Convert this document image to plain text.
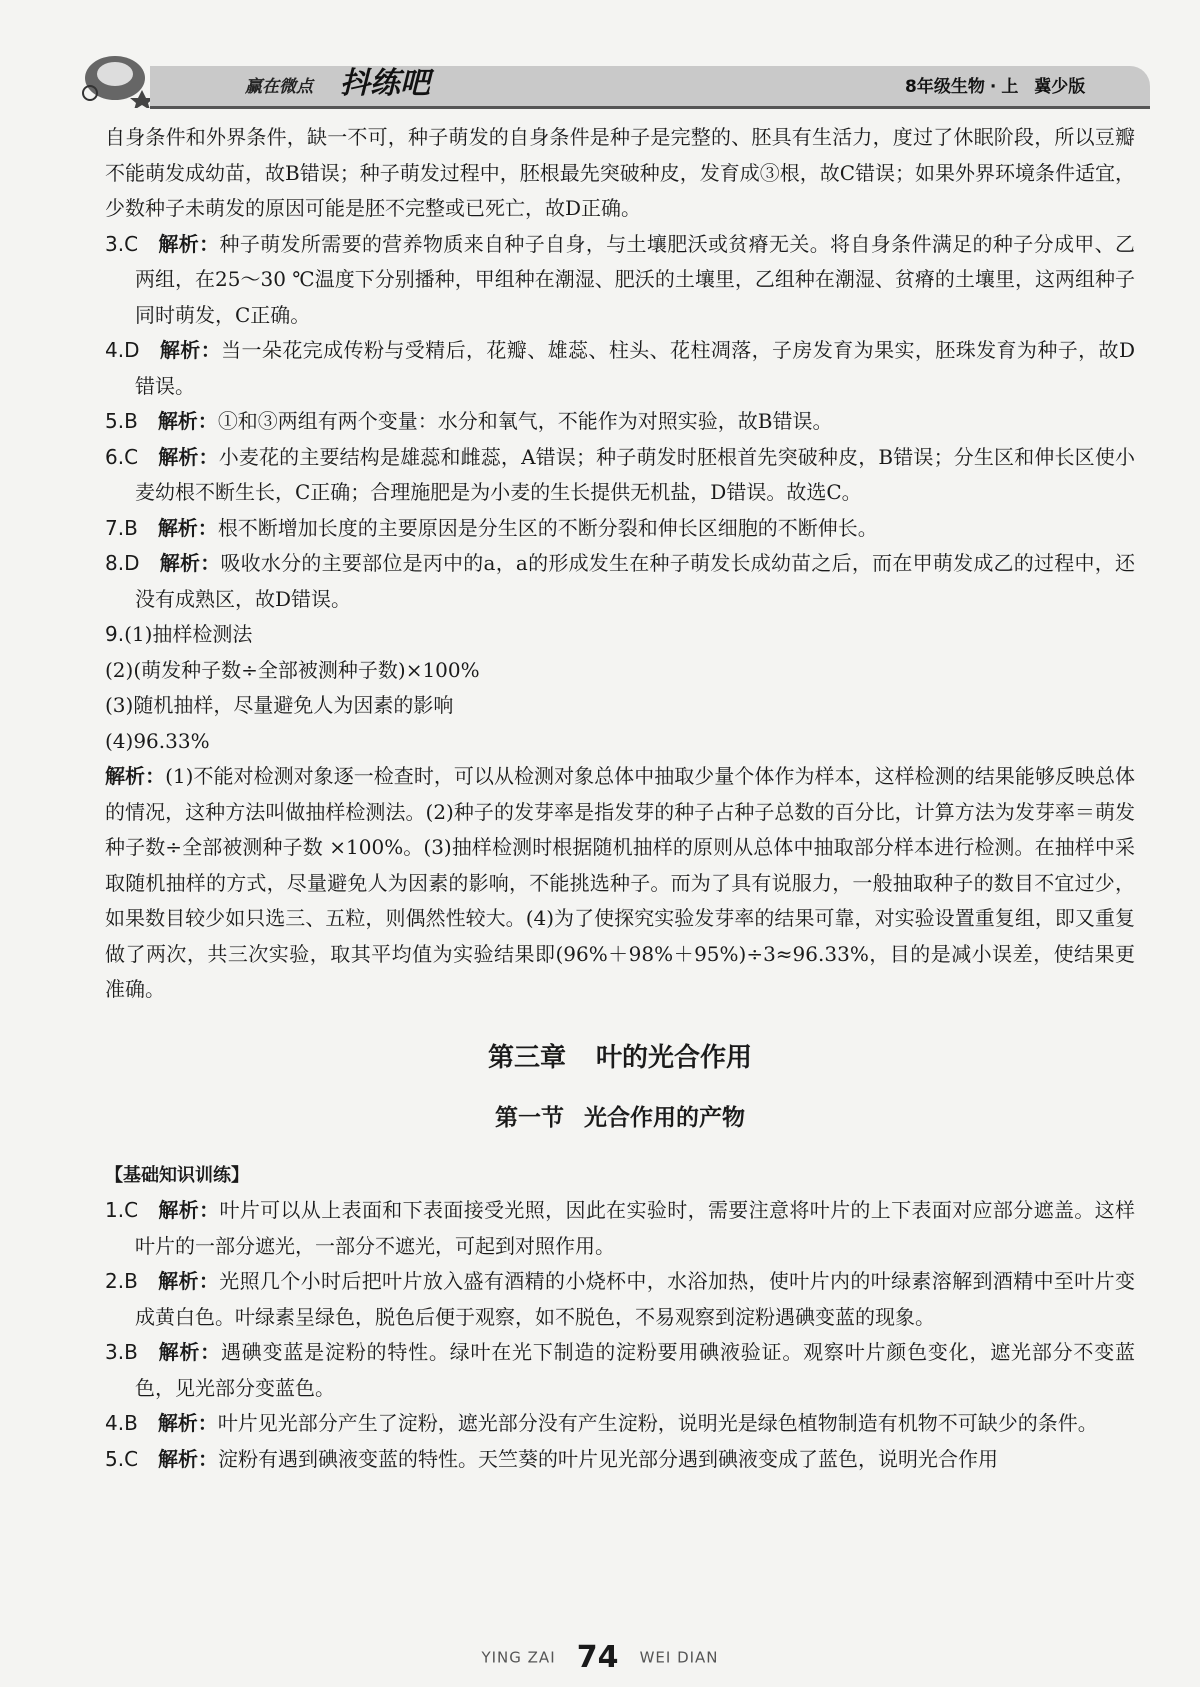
赢在微点 抖练吧	8年级生物 · 上 冀少版

自身条件和外界条件，缺一不可，种子萌发的自身条件是种子是完整的、胚具有生活力，度过了休眠阶段，所以豆瓣不能萌发成幼苗，故B错误；种子萌发过程中，胚根最先突破种皮，发育成③根，故C错误；如果外界环境条件适宜，少数种子未萌发的原因可能是胚不完整或已死亡，故D正确。

3.C 解析：种子萌发所需要的营养物质来自种子自身，与土壤肥沃或贫瘠无关。将自身条件满足的种子分成甲、乙两组，在25～30 ℃温度下分别播种，甲组种在潮湿、肥沃的土壤里，乙组种在潮湿、贫瘠的土壤里，这两组种子同时萌发，C正确。

4.D 解析：当一朵花完成传粉与受精后，花瓣、雄蕊、柱头、花柱凋落，子房发育为果实，胚珠发育为种子，故D错误。

5.B 解析：①和③两组有两个变量：水分和氧气，不能作为对照实验，故B错误。

6.C 解析：小麦花的主要结构是雄蕊和雌蕊，A错误；种子萌发时胚根首先突破种皮，B错误；分生区和伸长区使小麦幼根不断生长，C正确；合理施肥是为小麦的生长提供无机盐，D错误。故选C。

7.B 解析：根不断增加长度的主要原因是分生区的不断分裂和伸长区细胞的不断伸长。

8.D 解析：吸收水分的主要部位是丙中的a，a的形成发生在种子萌发长成幼苗之后，而在甲萌发成乙的过程中，还没有成熟区，故D错误。

9.(1)抽样检测法

(2)(萌发种子数÷全部被测种子数)×100%

(3)随机抽样，尽量避免人为因素的影响

(4)96.33%

解析：(1)不能对检测对象逐一检查时，可以从检测对象总体中抽取少量个体作为样本，这样检测的结果能够反映总体的情况，这种方法叫做抽样检测法。(2)种子的发芽率是指发芽的种子占种子总数的百分比，计算方法为发芽率＝萌发种子数÷全部被测种子数 ×100%。(3)抽样检测时根据随机抽样的原则从总体中抽取部分样本进行检测。在抽样中采取随机抽样的方式，尽量避免人为因素的影响，不能挑选种子。而为了具有说服力，一般抽取种子的数目不宜过少，如果数目较少如只选三、五粒，则偶然性较大。(4)为了使探究实验发芽率的结果可靠，对实验设置重复组，即又重复做了两次，共三次实验，取其平均值为实验结果即(96%＋98%＋95%)÷3≈96.33%，目的是减小误差，使结果更准确。

第三章 叶的光合作用
第一节 光合作用的产物

【基础知识训练】

1.C 解析：叶片可以从上表面和下表面接受光照，因此在实验时，需要注意将叶片的上下表面对应部分遮盖。这样叶片的一部分遮光，一部分不遮光，可起到对照作用。

2.B 解析：光照几个小时后把叶片放入盛有酒精的小烧杯中，水浴加热，使叶片内的叶绿素溶解到酒精中至叶片变成黄白色。叶绿素呈绿色，脱色后便于观察，如不脱色，不易观察到淀粉遇碘变蓝的现象。

3.B 解析：遇碘变蓝是淀粉的特性。绿叶在光下制造的淀粉要用碘液验证。观察叶片颜色变化，遮光部分不变蓝色，见光部分变蓝色。

4.B 解析：叶片见光部分产生了淀粉，遮光部分没有产生淀粉，说明光是绿色植物制造有机物不可缺少的条件。

5.C 解析：淀粉有遇到碘液变蓝的特性。天竺葵的叶片见光部分遇到碘液变成了蓝色，说明光合作用

YING ZAI 74 WEI DIAN
